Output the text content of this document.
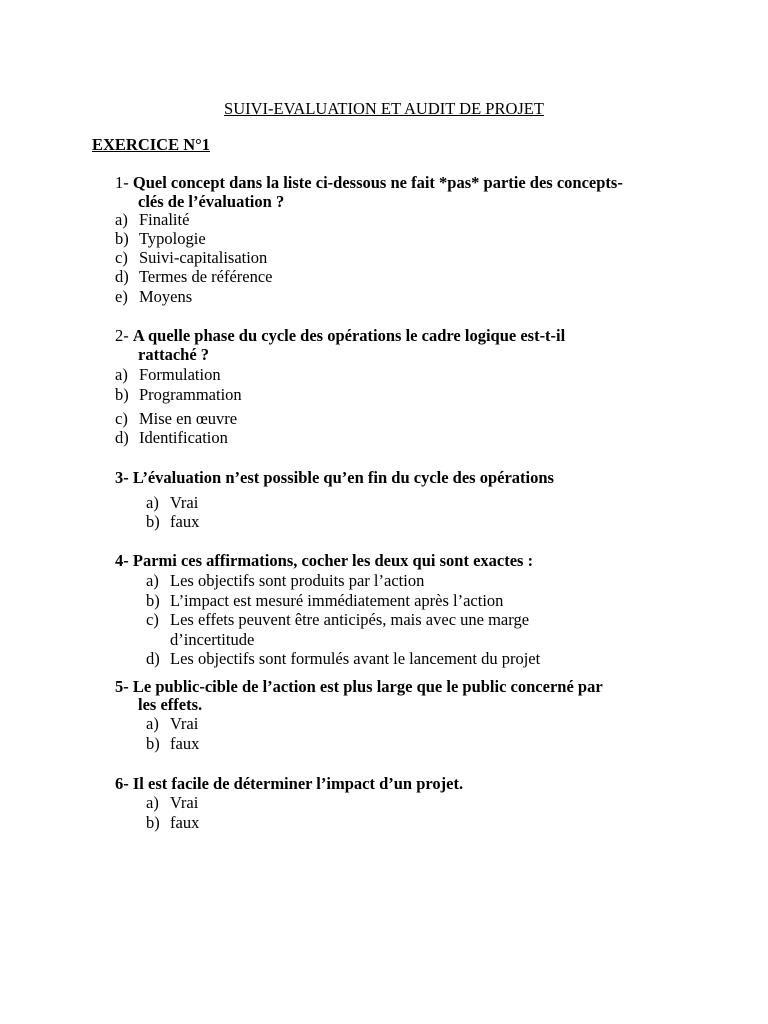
SUIVI-EVALUATION ET AUDIT DE PROJET
EXERCICE N°1
1- Quel concept dans la liste ci-dessous ne fait *pas* partie des concepts-
clés de l’évaluation ?
a) Finalité
b) Typologie
c) Suivi-capitalisation
d) Termes de référence
e) Moyens
2- A quelle phase du cycle des opérations le cadre logique est-t-il
rattaché ?
a) Formulation
b) Programmation
c) Mise en œuvre
d) Identification
3- L’évaluation n’est possible qu’en fin du cycle des opérations
a) Vrai
b) faux
4- Parmi ces affirmations, cocher les deux qui sont exactes :
a) Les objectifs sont produits par l’action
b) L’impact est mesuré immédiatement après l’action
c) Les effets peuvent être anticipés, mais avec une marge
d’incertitude
d) Les objectifs sont formulés avant le lancement du projet
5- Le public-cible de l’action est plus large que le public concerné par
les effets.
a) Vrai
b) faux
6- Il est facile de déterminer l’impact d’un projet.
a) Vrai
b) faux
